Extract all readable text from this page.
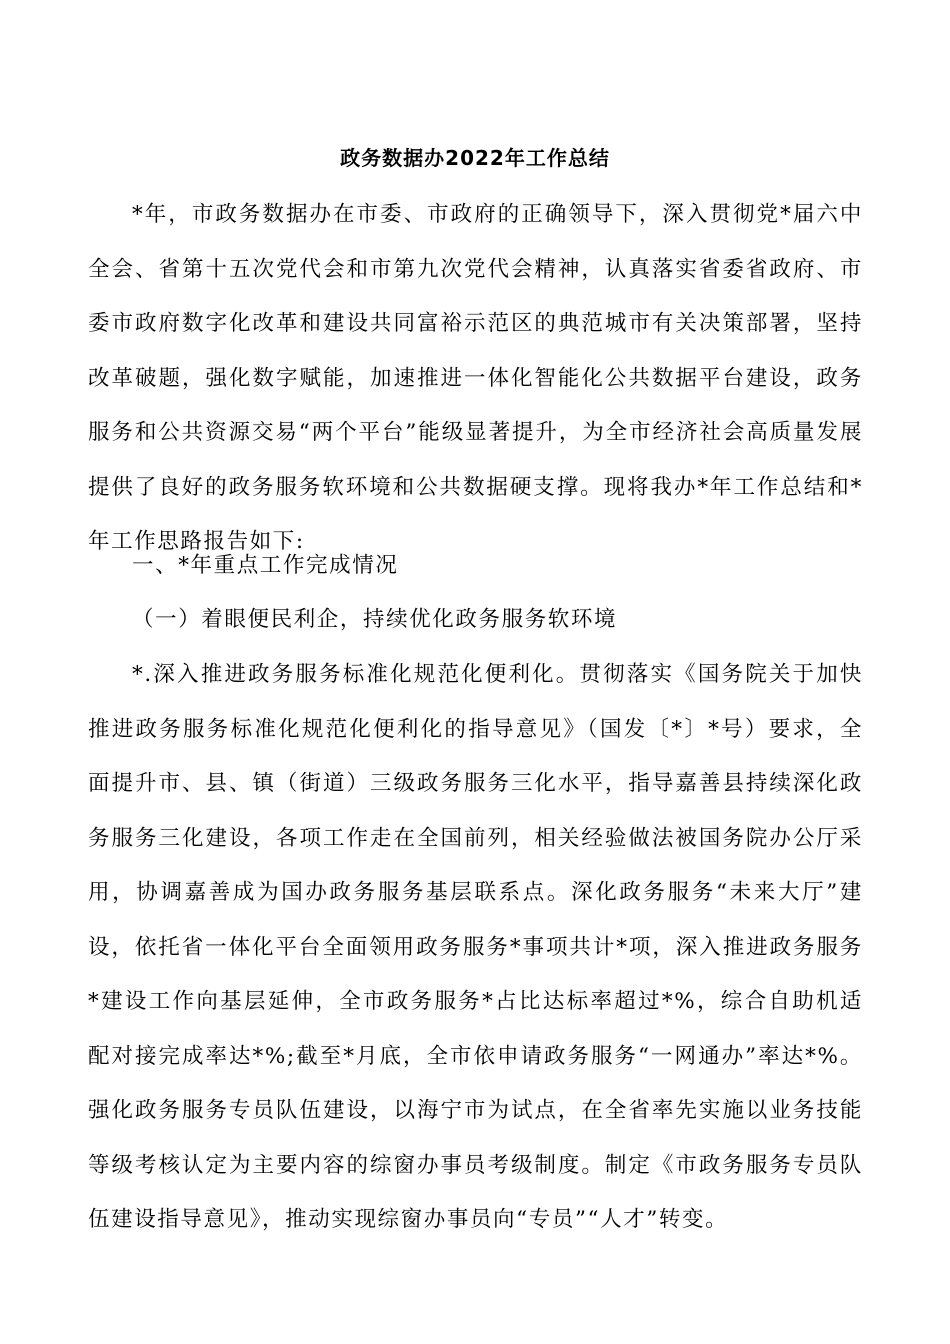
政务数据办2022年工作总结

*年，市政务数据办在市委、市政府的正确领导下，深入贯彻党*届六中全会、省第十五次党代会和市第九次党代会精神，认真落实省委省政府、市委市政府数字化改革和建设共同富裕示范区的典范城市有关决策部署，坚持改革破题，强化数字赋能，加速推进一体化智能化公共数据平台建设，政务服务和公共资源交易“两个平台”能级显著提升，为全市经济社会高质量发展提供了良好的政务服务软环境和公共数据硬支撑。现将我办*年工作总结和*年工作思路报告如下:

一、*年重点工作完成情况

（一）着眼便民利企，持续优化政务服务软环境

*.深入推进政务服务标准化规范化便利化。贯彻落实《国务院关于加快推进政务服务标准化规范化便利化的指导意见》（国发〔*〕*号）要求，全面提升市、县、镇（街道）三级政务服务三化水平，指导嘉善县持续深化政务服务三化建设，各项工作走在全国前列，相关经验做法被国务院办公厅采用，协调嘉善成为国办政务服务基层联系点。深化政务服务“未来大厅”建设，依托省一体化平台全面领用政务服务*事项共计*项，深入推进政务服务*建设工作向基层延伸，全市政务服务*占比达标率超过*%，综合自助机适配对接完成率达*%;截至*月底，全市依申请政务服务“一网通办”率达*%。强化政务服务专员队伍建设，以海宁市为试点，在全省率先实施以业务技能等级考核认定为主要内容的综窗办事员考级制度。制定《市政务服务专员队伍建设指导意见》，推动实现综窗办事员向“专员”“人才”转变。
